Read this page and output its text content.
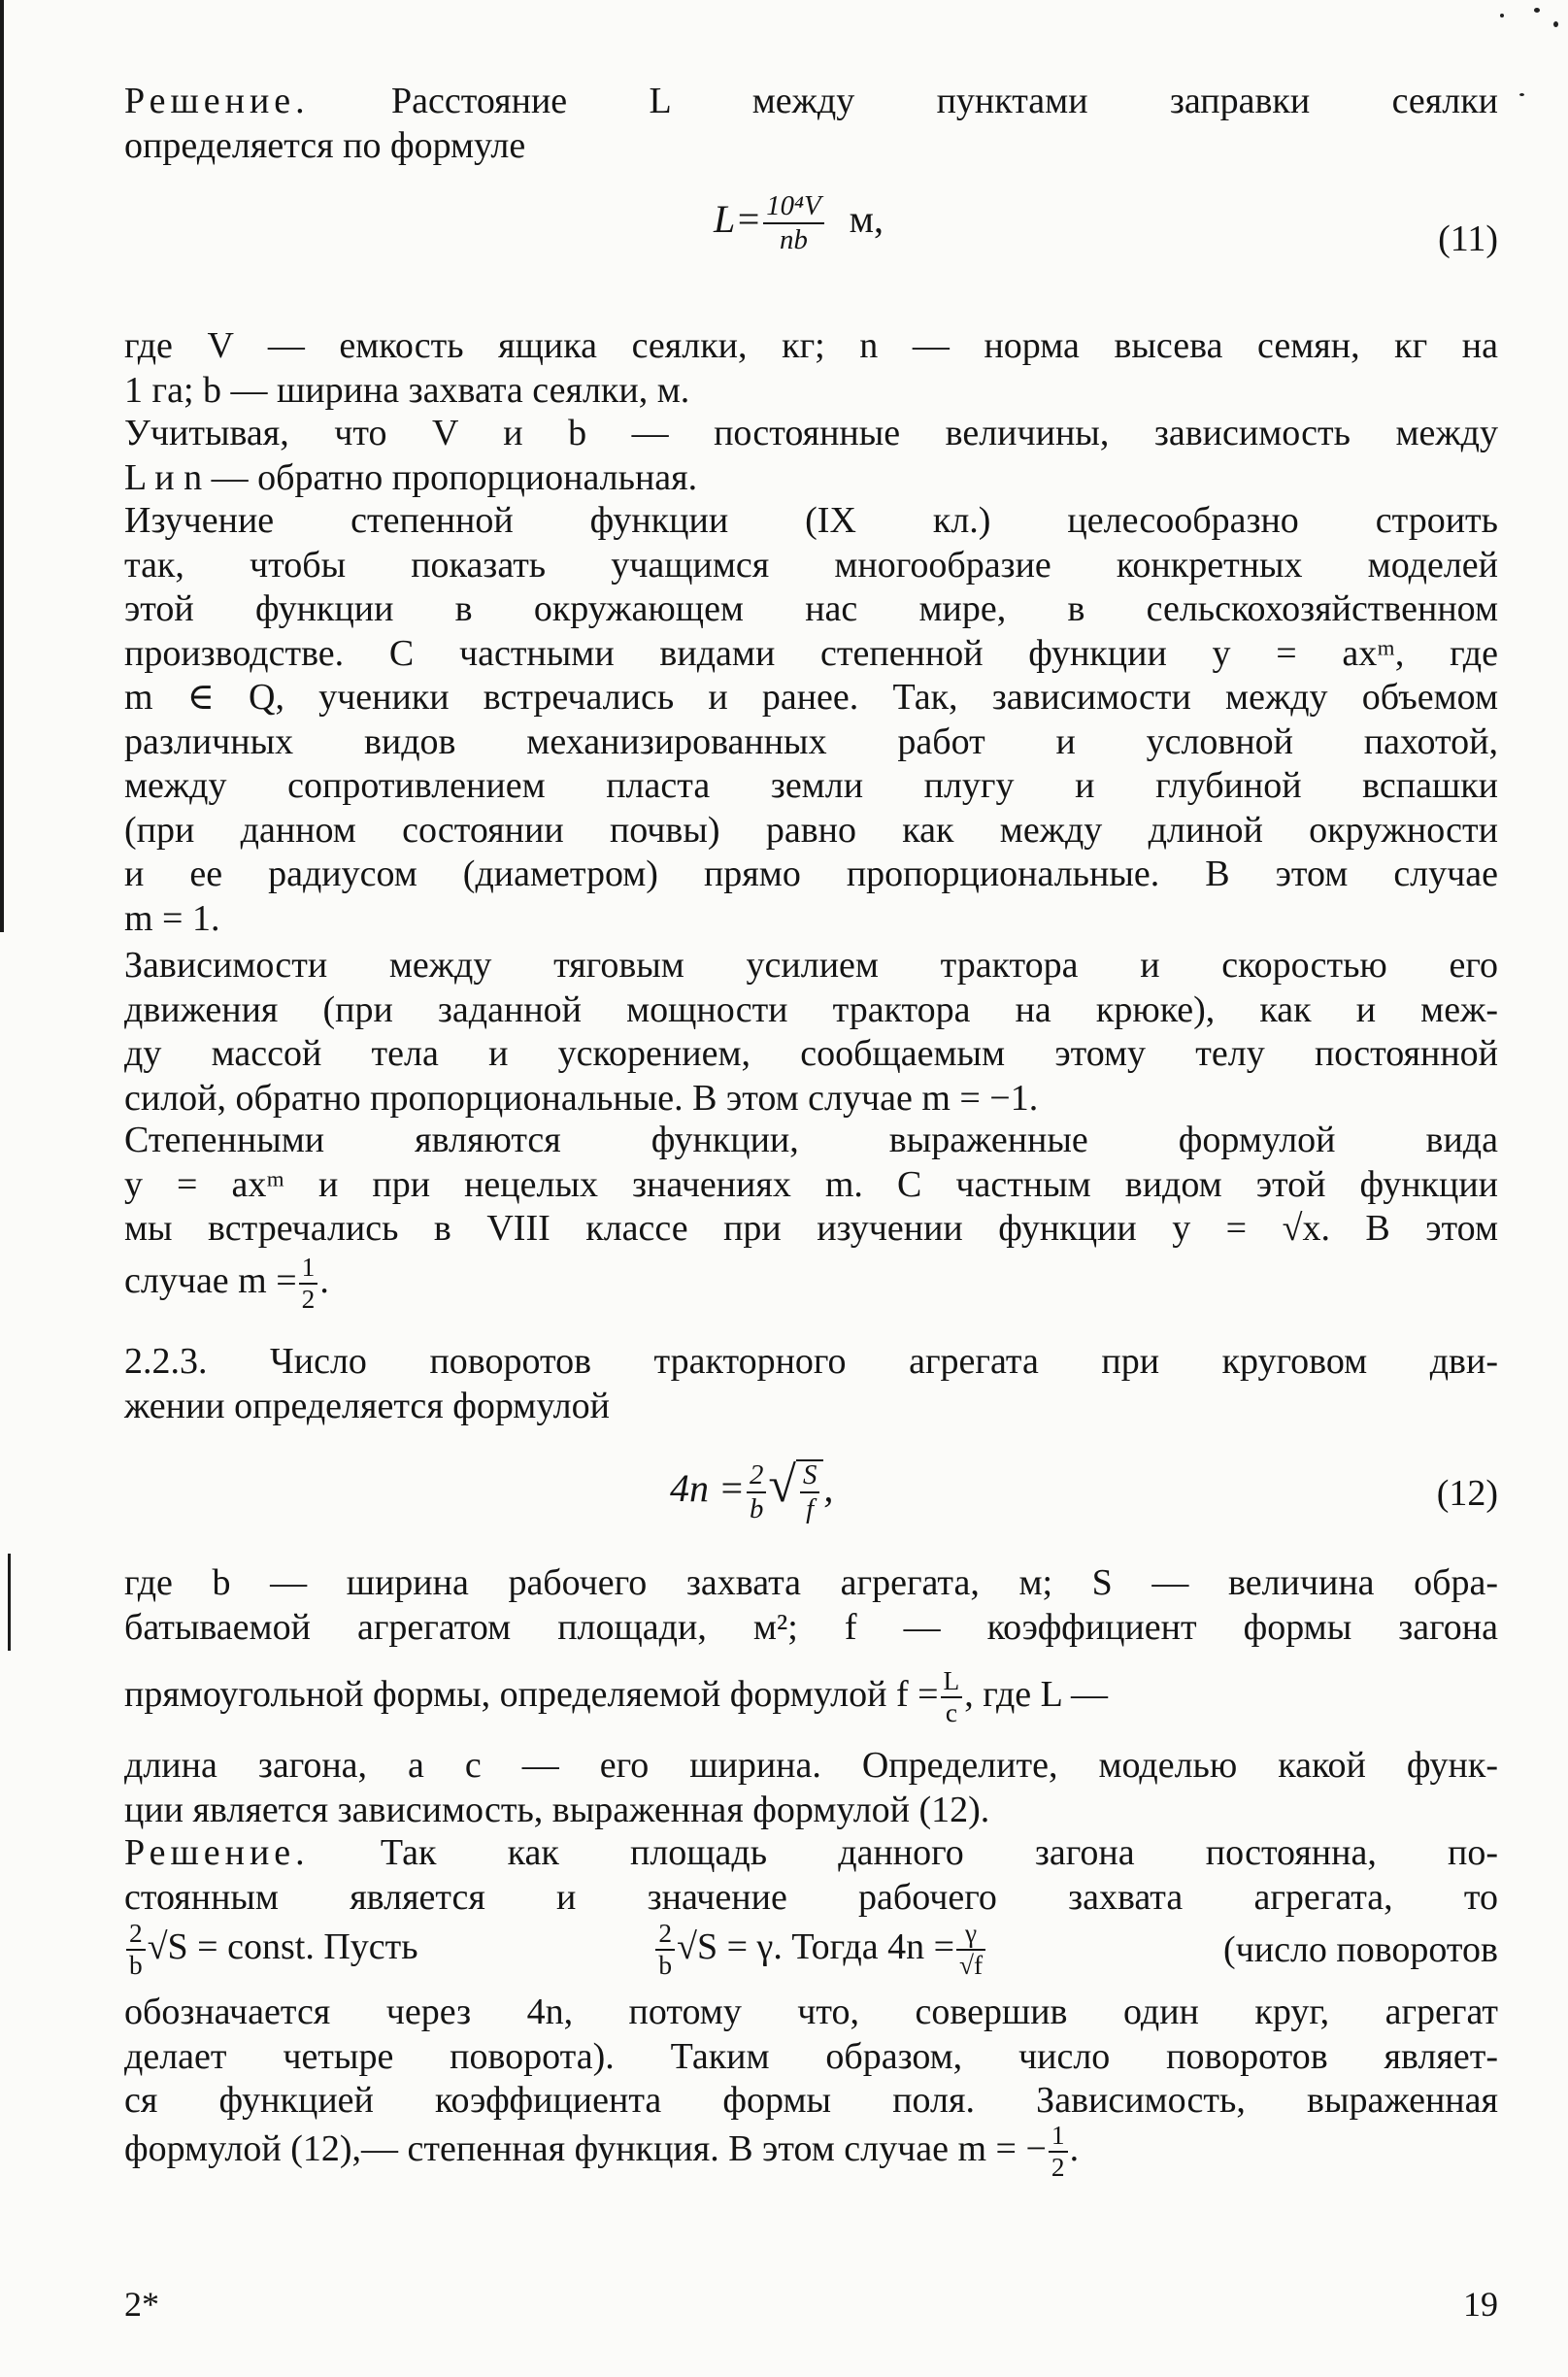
Решение. Расстояние L между пунктами заправки сеялки
определяется по формуле

$L= \frac{\text{10⁴V}}{nb} м$,	(11)

где V — емкость ящика сеялки, кг; n — норма высева семян, кг на
1 га; b — ширина захвата сеялки, м.

Учитывая, что V и b — постоянные величины, зависимость между
L и n — обратно пропорциональная.

Изучение степенной функции (IX кл.) целесообразно строить
так, чтобы показать учащимся многообразие конкретных моделей
этой функции в окружающем нас мире, в сельскохозяйственном
производстве. С частными видами степенной функции y = axᵐ, где
m ∈ Q, ученики встречались и ранее. Так, зависимости между объемом
различных видов механизированных работ и условной пахотой,
между сопротивлением пласта земли плугу и глубиной вспашки
(при данном состоянии почвы) равно как между длиной окружности
и ее радиусом (диаметром) прямо пропорциональные. В этом случае
m = 1.

Зависимости между тяговым усилием трактора и скоростью его
движения (при заданной мощности трактора на крюке), как и меж-
ду массой тела и ускорением, сообщаемым этому телу постоянной
силой, обратно пропорциональные. В этом случае m = −1.

Степенными являются функции, выраженные формулой вида
y = axᵐ и при нецелых значениях m. С частным видом этой функции
мы встречались в VIII классе при изучении функции y = √x. В этом

случае $m = \frac{1}{2}$ .

2.2.3. Число поворотов тракторного агрегата при круговом дви-
жении определяется формулой

$4n = \frac{2}{b}$ √ $\frac{S}{f}$ ,	(12)

где b — ширина рабочего захвата агрегата, м; S — величина обра-
батываемой агрегатом площади, м²; f — коэффициент формы загона

прямоугольной формы, определяемой формулой $f = \frac{L}{c}$ , где L —

длина загона, а c — его ширина. Определите, моделью какой функ-
ции является зависимость, выраженная формулой (12).

Решение. Так как площадь данного загона постоянна, по-
стоянным является и значение рабочего захвата агрегата, то

$\frac{2}{b} √S$ = const. Пусть	$\frac{2}{b} √S = \gamma$. Тогда $4n = \frac{\gamma}{√f}$	(число поворотов

обозначается через 4n, потому что, совершив один круг, агрегат
делает четыре поворота). Таким образом, число поворотов являет-
ся функцией коэффициента формы поля. Зависимость, выраженная

формулой (12),— степенная функция. В этом случае m = − $\frac{1}{2}$ .
2*	19
